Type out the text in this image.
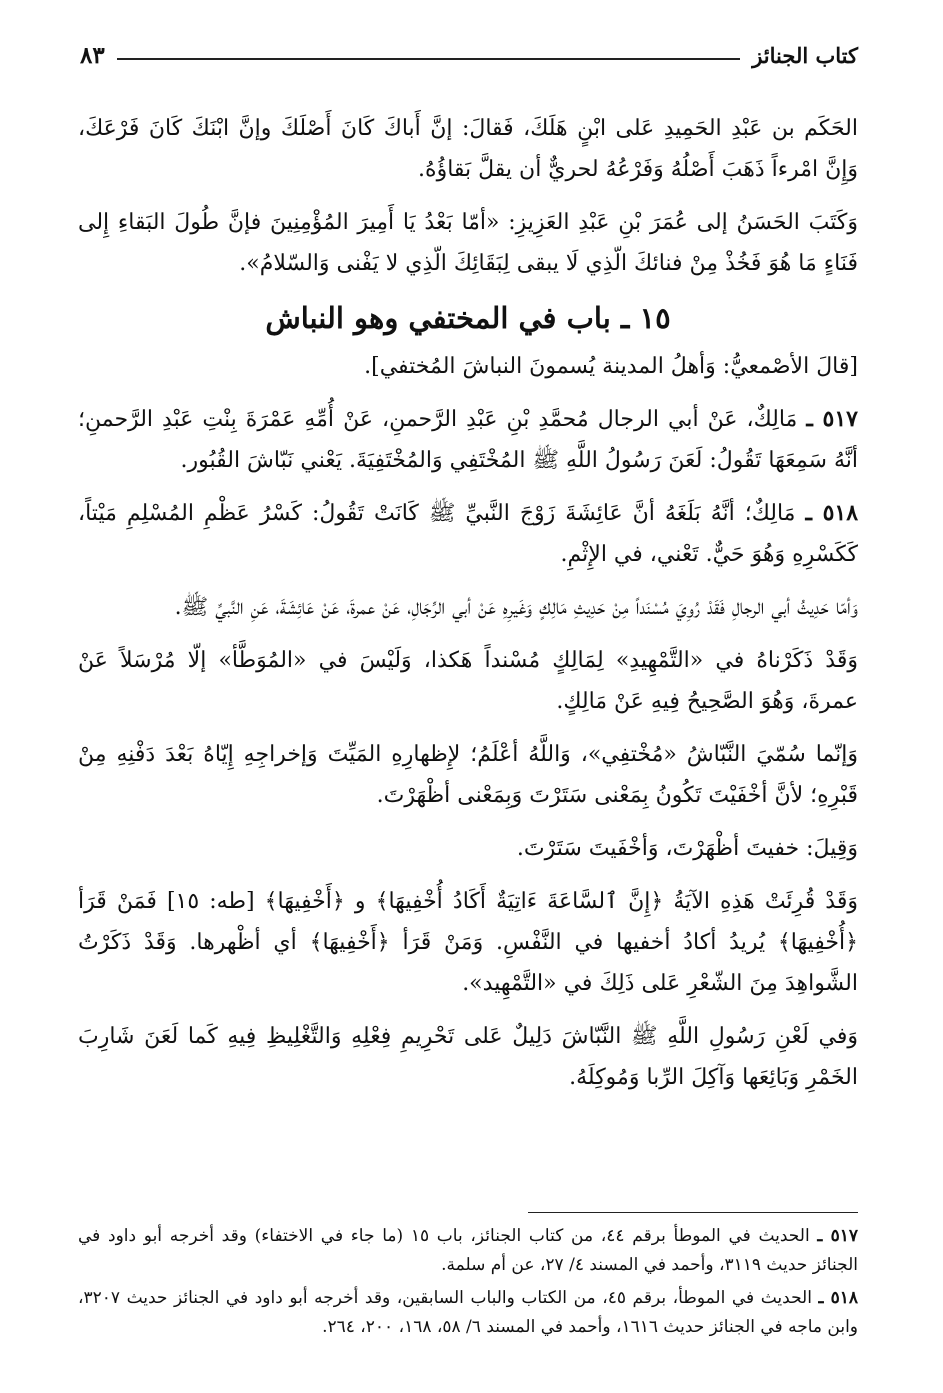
كتاب الجنائز
٨٣

الحَكَم بن عَبْدِ الحَمِيدِ عَلى ابْنٍ هَلَكَ، فَقالَ: إنَّ أَباكَ كَانَ أَصْلَكَ وإنَّ ابْنَكَ كَانَ فَرْعَكَ، وَإِنَّ امْرءاً ذَهَبَ أَصْلُهُ وَفَرْعُهُ لحريٌّ أن يقلَّ بَقاؤُهُ.

وَكَتَبَ الحَسَنُ إلى عُمَرَ بْنِ عَبْدِ العَزِيزِ: «أمّا بَعْدُ يَا أَمِيرَ المُؤْمِنِينَ فإنَّ طُولَ البَقاءِ إِلى فَنَاءٍ مَا هُوَ فَخُذْ مِنْ فنائكَ الّذِي لَا يبقى لِبَقَائِكَ الّذِي لا يَفْنى وَالسّلامُ».

١٥ ـ باب في المختفي وهو النباش

[قالَ الأصْمعيُّ: وَأهلُ المدينة يُسمونَ النباشَ المُختفي].

٥١٧ ـ مَالِكٌ، عَنْ أبي الرجال مُحمَّدِ بْنِ عَبْدِ الرَّحمنِ، عَنْ أُمِّهِ عَمْرَةَ بِنْتِ عَبْدِ الرَّحمنِ؛ أنَّهُ سَمِعَهَا تَقُولُ: لَعَنَ رَسُولُ اللَّهِ ﷺ المُخْتَفِي وَالمُخْتَفِيَةَ. يَعْني نَبّاشَ القُبُور.

٥١٨ ـ مَالِكٌ؛ أنَّهُ بَلَغَهُ أنَّ عَائِشَةَ زَوْجَ النَّبيِّ ﷺ كَانَتْ تَقُولُ: كَسْرُ عَظْمِ المُسْلِمِ مَيْتاً، كَكَسْرِهِ وَهُوَ حَيٌّ. تَعْني، في الإِثْمِ.

وَأمّا حَدِيثُ أبي الرجالِ فَقَدْ رُوِيَ مُسْنَداً مِنْ حَدِيثِ مَالِكٍ وَغَيرِهِ عَنْ أبي الرِّجَالِ، عَنْ عمرةَ، عَنْ عَائِشَةَ، عَنِ النَّبيِّ ﷺ.

وَقَدْ ذَكَرْناهُ في «التَّمْهِيدِ» لِمَالِكٍ مُسْنداً هَكذا، وَلَيْسَ في «المُوَطَّأ» إلّا مُرْسَلاً عَنْ عمرةَ، وَهُوَ الصَّحِيحُ فِيهِ عَنْ مَالِكٍ.

وَإنّما سُمّيَ النَّبّاشُ «مُخْتفِي»، وَاللَّهُ أعْلَمُ؛ لإِظهارِهِ المَيِّتَ وَإخراجِهِ إِيّاهُ بَعْدَ دَفْنِهِ مِنْ قَبْرِهِ؛ لأنَّ أخْفَيْتَ تَكُونُ بِمَعْنى سَتَرْتَ وَبِمَعْنى أظْهَرْتَ.

وَقِيلَ: خفيتَ أظْهَرْتَ، وَأخْفَيتَ سَتَرْتَ.

وَقَدْ قُرِئَتْ هَذِهِ الآيَةُ ﴿إِنَّ ٱلسَّاعَةَ ءَاتِيَةٌ أَكَادُ أُخْفِيهَا﴾ و ﴿أَخْفِيهَا﴾ [طه: ١٥] فَمَنْ قَرَأ ﴿أُخْفِيهَا﴾ يُريدُ أكادُ أخفيها في النَّفْسِ. وَمَنْ قَرَأ ﴿أَخْفِيهَا﴾ أي أظْهرها. وَقَدْ ذَكَرْتُ الشَّواهِدَ مِنَ الشّعْرِ عَلى ذَلِكَ في «التَّمْهِيد».

وَفي لَعْنِ رَسُولِ اللَّهِ ﷺ النَّبّاشَ دَلِيلٌ عَلى تَحْرِيمِ فِعْلِهِ وَالتَّغْلِيظِ فِيهِ كَما لَعَنَ شَارِبَ الخَمْرِ وَبَائِعَها وَآكِلَ الرِّبا وَمُوكِلَهُ.

٥١٧ ـ الحديث في الموطأ برقم ٤٤، من كتاب الجنائز، باب ١٥ (ما جاء في الاختفاء) وقد أخرجه أبو داود في الجنائز حديث ٣١١٩، وأحمد في المسند ٤/ ٢٧، عن أم سلمة.

٥١٨ ـ الحديث في الموطأ، برقم ٤٥، من الكتاب والباب السابقين، وقد أخرجه أبو داود في الجنائز حديث ٣٢٠٧، وابن ماجه في الجنائز حديث ١٦١٦، وأحمد في المسند ٦/ ٥٨، ١٦٨، ٢٠٠، ٢٦٤.
